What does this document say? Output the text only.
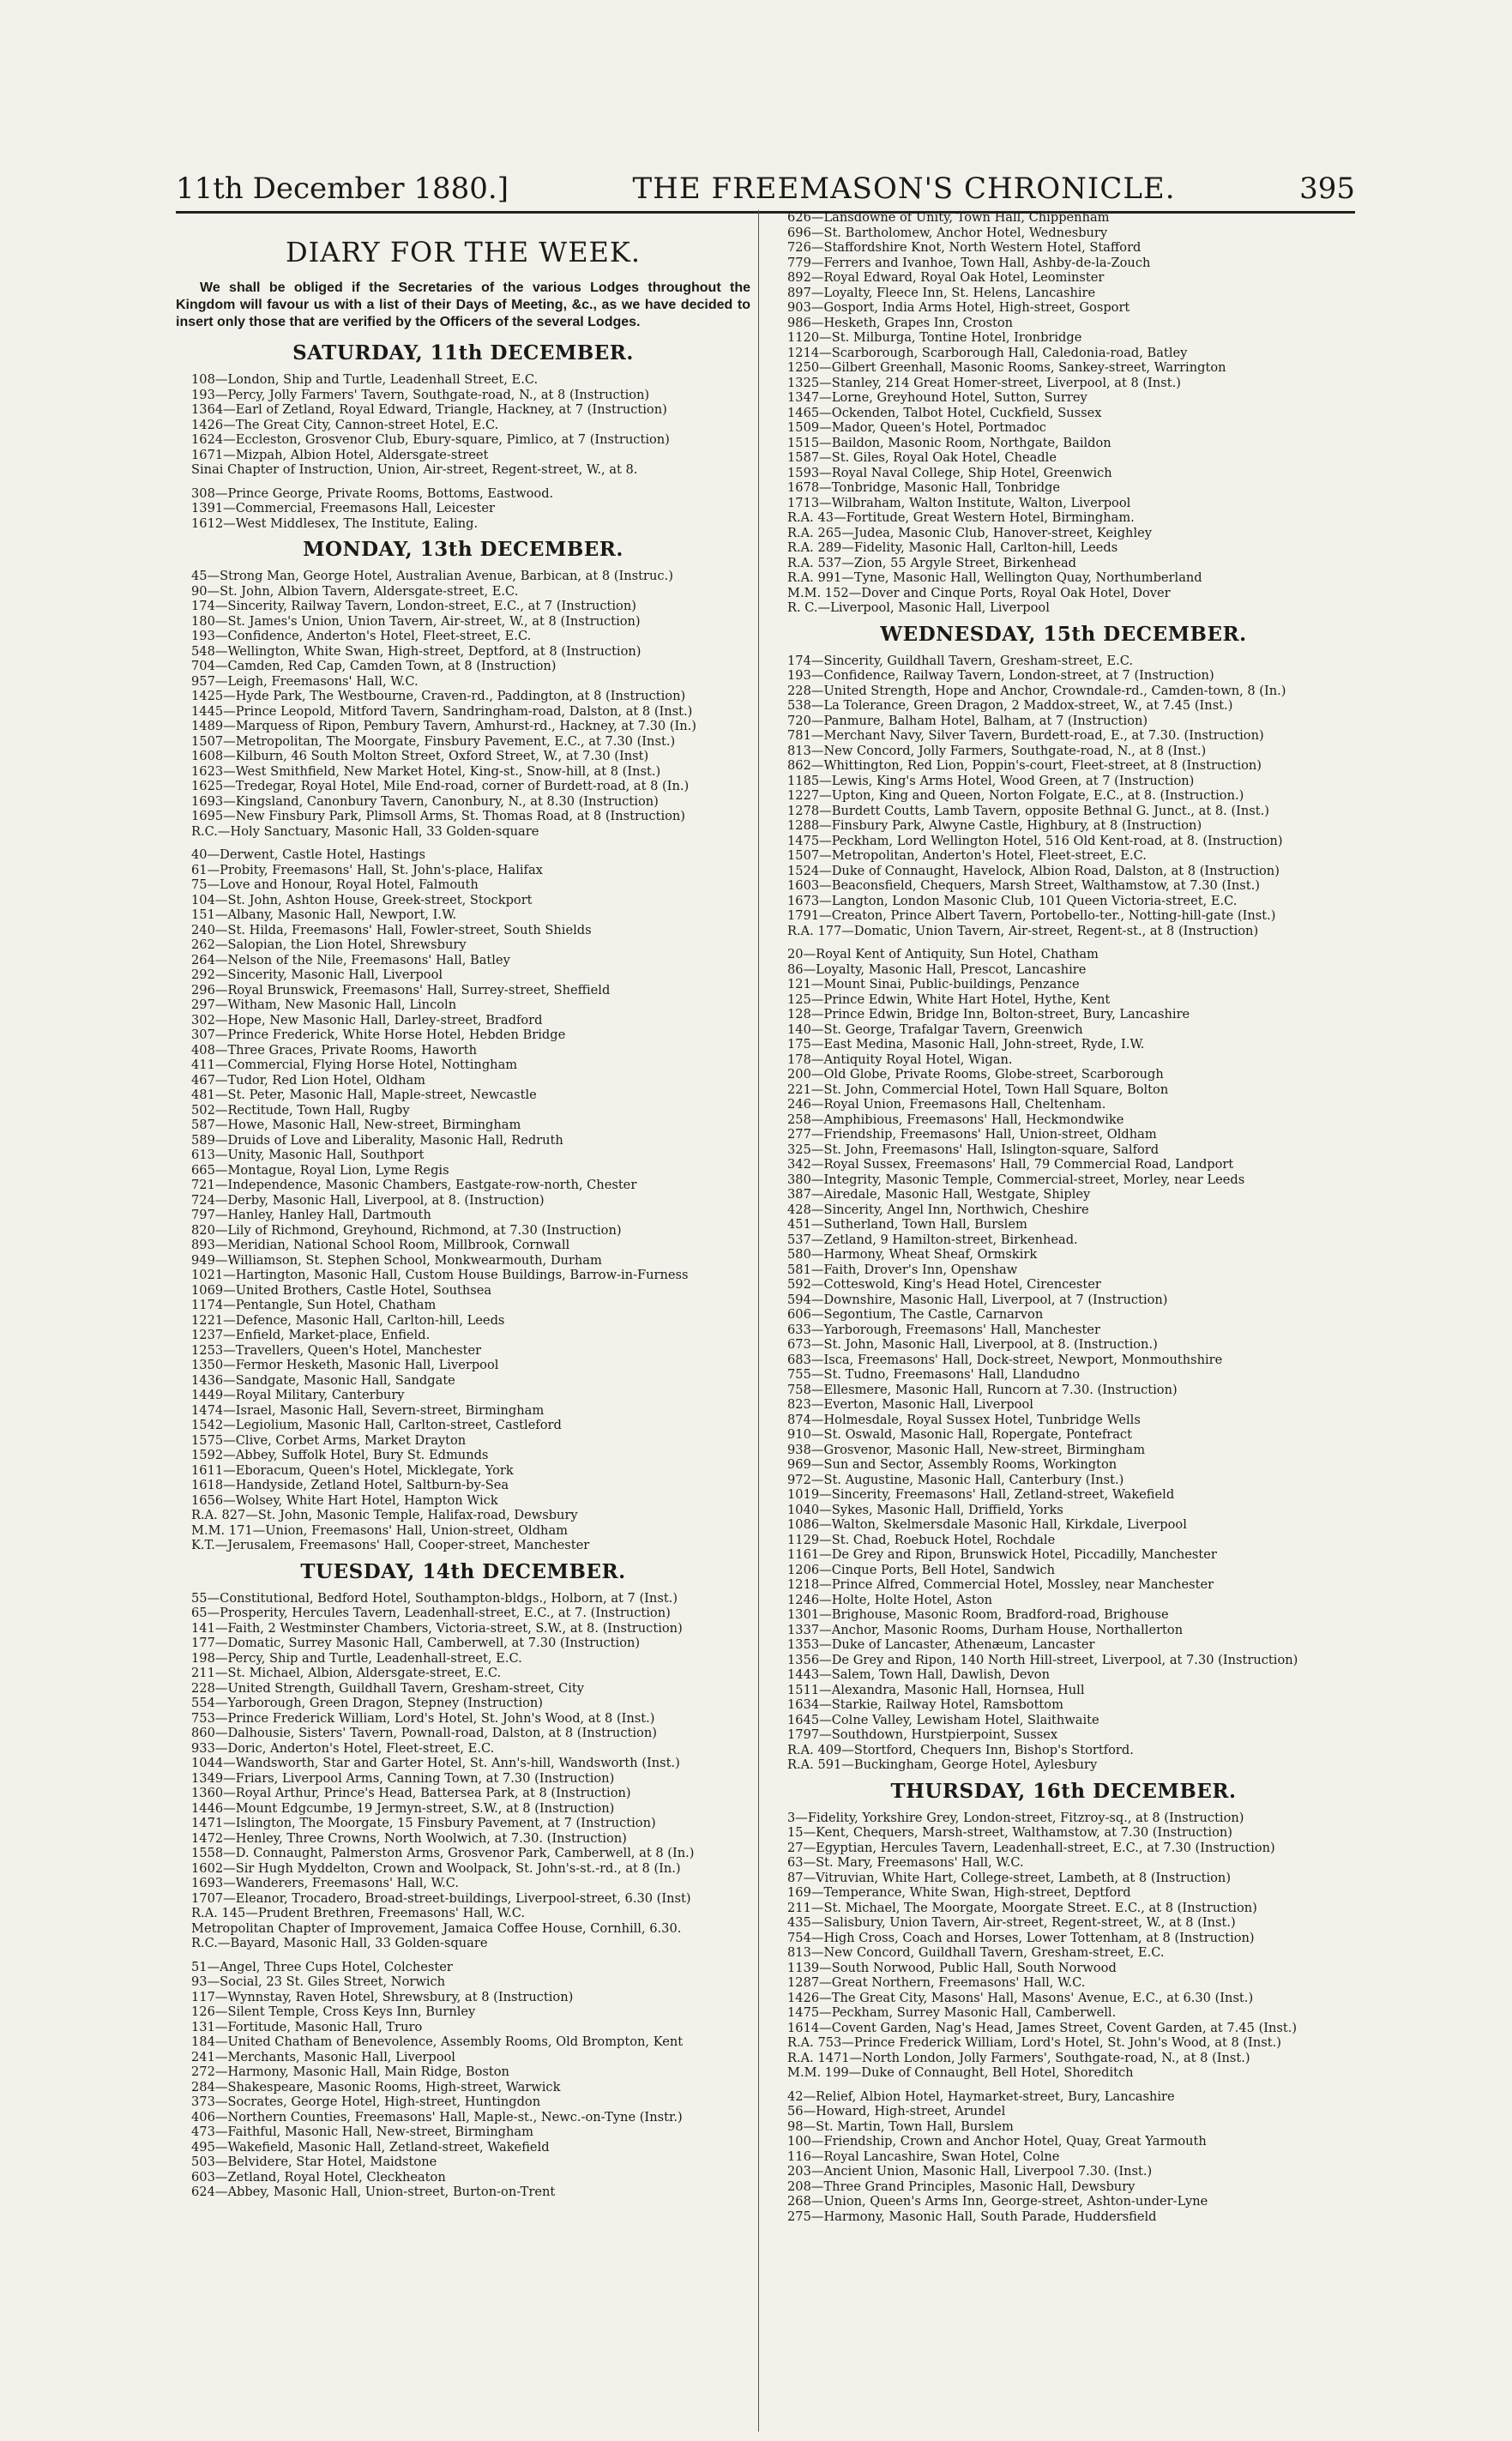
11th December 1880.]	THE FREEMASON'S CHRONICLE.	395
DIARY FOR THE WEEK.

We shall be obliged if the Secretaries of the various Lodges throughout the Kingdom will favour us with a list of their Days of Meeting, &c., as we have decided to insert only those that are verified by the Officers of the several Lodges.

SATURDAY, 11th DECEMBER.
108—London, Ship and Turtle, Leadenhall Street, E.C.
193—Percy, Jolly Farmers' Tavern, Southgate-road, N., at 8 (Instruction)
1364—Earl of Zetland, Royal Edward, Triangle, Hackney, at 7 (Instruction)
1426—The Great City, Cannon-street Hotel, E.C.
1624—Eccleston, Grosvenor Club, Ebury-square, Pimlico, at 7 (Instruction)
1671—Mizpah, Albion Hotel, Aldersgate-street
Sinai Chapter of Instruction, Union, Air-street, Regent-street, W., at 8.
308—Prince George, Private Rooms, Bottoms, Eastwood.
1391—Commercial, Freemasons Hall, Leicester
1612—West Middlesex, The Institute, Ealing.
MONDAY, 13th DECEMBER.
45—Strong Man, George Hotel, Australian Avenue, Barbican, at 8 (Instruc.)
90—St. John, Albion Tavern, Aldersgate-street, E.C.
174—Sincerity, Railway Tavern, London-street, E.C., at 7 (Instruction)
180—St. James's Union, Union Tavern, Air-street, W., at 8 (Instruction)
193—Confidence, Anderton's Hotel, Fleet-street, E.C.
548—Wellington, White Swan, High-street, Deptford, at 8 (Instruction)
704—Camden, Red Cap, Camden Town, at 8 (Instruction)
957—Leigh, Freemasons' Hall, W.C.
1425—Hyde Park, The Westbourne, Craven-rd., Paddington, at 8 (Instruction)
1445—Prince Leopold, Mitford Tavern, Sandringham-road, Dalston, at 8 (Inst.)
1489—Marquess of Ripon, Pembury Tavern, Amhurst-rd., Hackney, at 7.30 (In.)
1507—Metropolitan, The Moorgate, Finsbury Pavement, E.C., at 7.30 (Inst.)
1608—Kilburn, 46 South Molton Street, Oxford Street, W., at 7.30 (Inst)
1623—West Smithfield, New Market Hotel, King-st., Snow-hill, at 8 (Inst.)
1625—Tredegar, Royal Hotel, Mile End-road, corner of Burdett-road, at 8 (In.)
1693—Kingsland, Canonbury Tavern, Canonbury, N., at 8.30 (Instruction)
1695—New Finsbury Park, Plimsoll Arms, St. Thomas Road, at 8 (Instruction)
R.C.—Holy Sanctuary, Masonic Hall, 33 Golden-square
40—Derwent, Castle Hotel, Hastings
61—Probity, Freemasons' Hall, St. John's-place, Halifax
75—Love and Honour, Royal Hotel, Falmouth
104—St. John, Ashton House, Greek-street, Stockport
151—Albany, Masonic Hall, Newport, I.W.
240—St. Hilda, Freemasons' Hall, Fowler-street, South Shields
262—Salopian, the Lion Hotel, Shrewsbury
264—Nelson of the Nile, Freemasons' Hall, Batley
292—Sincerity, Masonic Hall, Liverpool
296—Royal Brunswick, Freemasons' Hall, Surrey-street, Sheffield
297—Witham, New Masonic Hall, Lincoln
302—Hope, New Masonic Hall, Darley-street, Bradford
307—Prince Frederick, White Horse Hotel, Hebden Bridge
408—Three Graces, Private Rooms, Haworth
411—Commercial, Flying Horse Hotel, Nottingham
467—Tudor, Red Lion Hotel, Oldham
481—St. Peter, Masonic Hall, Maple-street, Newcastle
502—Rectitude, Town Hall, Rugby
587—Howe, Masonic Hall, New-street, Birmingham
589—Druids of Love and Liberality, Masonic Hall, Redruth
613—Unity, Masonic Hall, Southport
665—Montague, Royal Lion, Lyme Regis
721—Independence, Masonic Chambers, Eastgate-row-north, Chester
724—Derby, Masonic Hall, Liverpool, at 8. (Instruction)
797—Hanley, Hanley Hall, Dartmouth
820—Lily of Richmond, Greyhound, Richmond, at 7.30 (Instruction)
893—Meridian, National School Room, Millbrook, Cornwall
949—Williamson, St. Stephen School, Monkwearmouth, Durham
1021—Hartington, Masonic Hall, Custom House Buildings, Barrow-in-Furness
1069—United Brothers, Castle Hotel, Southsea
1174—Pentangle, Sun Hotel, Chatham
1221—Defence, Masonic Hall, Carlton-hill, Leeds
1237—Enfield, Market-place, Enfield.
1253—Travellers, Queen's Hotel, Manchester
1350—Fermor Hesketh, Masonic Hall, Liverpool
1436—Sandgate, Masonic Hall, Sandgate
1449—Royal Military, Canterbury
1474—Israel, Masonic Hall, Severn-street, Birmingham
1542—Legiolium, Masonic Hall, Carlton-street, Castleford
1575—Clive, Corbet Arms, Market Drayton
1592—Abbey, Suffolk Hotel, Bury St. Edmunds
1611—Eboracum, Queen's Hotel, Micklegate, York
1618—Handyside, Zetland Hotel, Saltburn-by-Sea
1656—Wolsey, White Hart Hotel, Hampton Wick
R.A. 827—St. John, Masonic Temple, Halifax-road, Dewsbury
M.M. 171—Union, Freemasons' Hall, Union-street, Oldham
K.T.—Jerusalem, Freemasons' Hall, Cooper-street, Manchester
TUESDAY, 14th DECEMBER.
55—Constitutional, Bedford Hotel, Southampton-bldgs., Holborn, at 7 (Inst.)
65—Prosperity, Hercules Tavern, Leadenhall-street, E.C., at 7. (Instruction)
141—Faith, 2 Westminster Chambers, Victoria-street, S.W., at 8. (Instruction)
177—Domatic, Surrey Masonic Hall, Camberwell, at 7.30 (Instruction)
198—Percy, Ship and Turtle, Leadenhall-street, E.C.
211—St. Michael, Albion, Aldersgate-street, E.C.
228—United Strength, Guildhall Tavern, Gresham-street, City
554—Yarborough, Green Dragon, Stepney (Instruction)
753—Prince Frederick William, Lord's Hotel, St. John's Wood, at 8 (Inst.)
860—Dalhousie, Sisters' Tavern, Pownall-road, Dalston, at 8 (Instruction)
933—Doric, Anderton's Hotel, Fleet-street, E.C.
1044—Wandsworth, Star and Garter Hotel, St. Ann's-hill, Wandsworth (Inst.)
1349—Friars, Liverpool Arms, Canning Town, at 7.30 (Instruction)
1360—Royal Arthur, Prince's Head, Battersea Park, at 8 (Instruction)
1446—Mount Edgcumbe, 19 Jermyn-street, S.W., at 8 (Instruction)
1471—Islington, The Moorgate, 15 Finsbury Pavement, at 7 (Instruction)
1472—Henley, Three Crowns, North Woolwich, at 7.30. (Instruction)
1558—D. Connaught, Palmerston Arms, Grosvenor Park, Camberwell, at 8 (In.)
1602—Sir Hugh Myddelton, Crown and Woolpack, St. John's-st.-rd., at 8 (In.)
1693—Wanderers, Freemasons' Hall, W.C.
1707—Eleanor, Trocadero, Broad-street-buildings, Liverpool-street, 6.30 (Inst)
R.A. 145—Prudent Brethren, Freemasons' Hall, W.C.
Metropolitan Chapter of Improvement, Jamaica Coffee House, Cornhill, 6.30.
R.C.—Bayard, Masonic Hall, 33 Golden-square
51—Angel, Three Cups Hotel, Colchester
93—Social, 23 St. Giles Street, Norwich
117—Wynnstay, Raven Hotel, Shrewsbury, at 8 (Instruction)
126—Silent Temple, Cross Keys Inn, Burnley
131—Fortitude, Masonic Hall, Truro
184—United Chatham of Benevolence, Assembly Rooms, Old Brompton, Kent
241—Merchants, Masonic Hall, Liverpool
272—Harmony, Masonic Hall, Main Ridge, Boston
284—Shakespeare, Masonic Rooms, High-street, Warwick
373—Socrates, George Hotel, High-street, Huntingdon
406—Northern Counties, Freemasons' Hall, Maple-st., Newc.-on-Tyne (Instr.)
473—Faithful, Masonic Hall, New-street, Birmingham
495—Wakefield, Masonic Hall, Zetland-street, Wakefield
503—Belvidere, Star Hotel, Maidstone
603—Zetland, Royal Hotel, Cleckheaton
624—Abbey, Masonic Hall, Union-street, Burton-on-Trent
626—Lansdowne of Unity, Town Hall, Chippenham
696—St. Bartholomew, Anchor Hotel, Wednesbury
726—Staffordshire Knot, North Western Hotel, Stafford
779—Ferrers and Ivanhoe, Town Hall, Ashby-de-la-Zouch
892—Royal Edward, Royal Oak Hotel, Leominster
897—Loyalty, Fleece Inn, St. Helens, Lancashire
903—Gosport, India Arms Hotel, High-street, Gosport
986—Hesketh, Grapes Inn, Croston
1120—St. Milburga, Tontine Hotel, Ironbridge
1214—Scarborough, Scarborough Hall, Caledonia-road, Batley
1250—Gilbert Greenhall, Masonic Rooms, Sankey-street, Warrington
1325—Stanley, 214 Great Homer-street, Liverpool, at 8 (Inst.)
1347—Lorne, Greyhound Hotel, Sutton, Surrey
1465—Ockenden, Talbot Hotel, Cuckfield, Sussex
1509—Mador, Queen's Hotel, Portmadoc
1515—Baildon, Masonic Room, Northgate, Baildon
1587—St. Giles, Royal Oak Hotel, Cheadle
1593—Royal Naval College, Ship Hotel, Greenwich
1678—Tonbridge, Masonic Hall, Tonbridge
1713—Wilbraham, Walton Institute, Walton, Liverpool
R.A. 43—Fortitude, Great Western Hotel, Birmingham.
R.A. 265—Judea, Masonic Club, Hanover-street, Keighley
R.A. 289—Fidelity, Masonic Hall, Carlton-hill, Leeds
R.A. 537—Zion, 55 Argyle Street, Birkenhead
R.A. 991—Tyne, Masonic Hall, Wellington Quay, Northumberland
M.M. 152—Dover and Cinque Ports, Royal Oak Hotel, Dover
R. C.—Liverpool, Masonic Hall, Liverpool
WEDNESDAY, 15th DECEMBER.
174—Sincerity, Guildhall Tavern, Gresham-street, E.C.
193—Confidence, Railway Tavern, London-street, at 7 (Instruction)
228—United Strength, Hope and Anchor, Crowndale-rd., Camden-town, 8 (In.)
538—La Tolerance, Green Dragon, 2 Maddox-street, W., at 7.45 (Inst.)
720—Panmure, Balham Hotel, Balham, at 7 (Instruction)
781—Merchant Navy, Silver Tavern, Burdett-road, E., at 7.30. (Instruction)
813—New Concord, Jolly Farmers, Southgate-road, N., at 8 (Inst.)
862—Whittington, Red Lion, Poppin's-court, Fleet-street, at 8 (Instruction)
1185—Lewis, King's Arms Hotel, Wood Green, at 7 (Instruction)
1227—Upton, King and Queen, Norton Folgate, E.C., at 8. (Instruction.)
1278—Burdett Coutts, Lamb Tavern, opposite Bethnal G. Junct., at 8. (Inst.)
1288—Finsbury Park, Alwyne Castle, Highbury, at 8 (Instruction)
1475—Peckham, Lord Wellington Hotel, 516 Old Kent-road, at 8. (Instruction)
1507—Metropolitan, Anderton's Hotel, Fleet-street, E.C.
1524—Duke of Connaught, Havelock, Albion Road, Dalston, at 8 (Instruction)
1603—Beaconsfield, Chequers, Marsh Street, Walthamstow, at 7.30 (Inst.)
1673—Langton, London Masonic Club, 101 Queen Victoria-street, E.C.
1791—Creaton, Prince Albert Tavern, Portobello-ter., Notting-hill-gate (Inst.)
R.A. 177—Domatic, Union Tavern, Air-street, Regent-st., at 8 (Instruction)
20—Royal Kent of Antiquity, Sun Hotel, Chatham
86—Loyalty, Masonic Hall, Prescot, Lancashire
121—Mount Sinai, Public-buildings, Penzance
125—Prince Edwin, White Hart Hotel, Hythe, Kent
128—Prince Edwin, Bridge Inn, Bolton-street, Bury, Lancashire
140—St. George, Trafalgar Tavern, Greenwich
175—East Medina, Masonic Hall, John-street, Ryde, I.W.
178—Antiquity Royal Hotel, Wigan.
200—Old Globe, Private Rooms, Globe-street, Scarborough
221—St. John, Commercial Hotel, Town Hall Square, Bolton
246—Royal Union, Freemasons Hall, Cheltenham.
258—Amphibious, Freemasons' Hall, Heckmondwike
277—Friendship, Freemasons' Hall, Union-street, Oldham
325—St. John, Freemasons' Hall, Islington-square, Salford
342—Royal Sussex, Freemasons' Hall, 79 Commercial Road, Landport
380—Integrity, Masonic Temple, Commercial-street, Morley, near Leeds
387—Airedale, Masonic Hall, Westgate, Shipley
428—Sincerity, Angel Inn, Northwich, Cheshire
451—Sutherland, Town Hall, Burslem
537—Zetland, 9 Hamilton-street, Birkenhead.
580—Harmony, Wheat Sheaf, Ormskirk
581—Faith, Drover's Inn, Openshaw
592—Cotteswold, King's Head Hotel, Cirencester
594—Downshire, Masonic Hall, Liverpool, at 7 (Instruction)
606—Segontium, The Castle, Carnarvon
633—Yarborough, Freemasons' Hall, Manchester
673—St. John, Masonic Hall, Liverpool, at 8. (Instruction.)
683—Isca, Freemasons' Hall, Dock-street, Newport, Monmouthshire
755—St. Tudno, Freemasons' Hall, Llandudno
758—Ellesmere, Masonic Hall, Runcorn at 7.30. (Instruction)
823—Everton, Masonic Hall, Liverpool
874—Holmesdale, Royal Sussex Hotel, Tunbridge Wells
910—St. Oswald, Masonic Hall, Ropergate, Pontefract
938—Grosvenor, Masonic Hall, New-street, Birmingham
969—Sun and Sector, Assembly Rooms, Workington
972—St. Augustine, Masonic Hall, Canterbury (Inst.)
1019—Sincerity, Freemasons' Hall, Zetland-street, Wakefield
1040—Sykes, Masonic Hall, Driffield, Yorks
1086—Walton, Skelmersdale Masonic Hall, Kirkdale, Liverpool
1129—St. Chad, Roebuck Hotel, Rochdale
1161—De Grey and Ripon, Brunswick Hotel, Piccadilly, Manchester
1206—Cinque Ports, Bell Hotel, Sandwich
1218—Prince Alfred, Commercial Hotel, Mossley, near Manchester
1246—Holte, Holte Hotel, Aston
1301—Brighouse, Masonic Room, Bradford-road, Brighouse
1337—Anchor, Masonic Rooms, Durham House, Northallerton
1353—Duke of Lancaster, Athenæum, Lancaster
1356—De Grey and Ripon, 140 North Hill-street, Liverpool, at 7.30 (Instruction)
1443—Salem, Town Hall, Dawlish, Devon
1511—Alexandra, Masonic Hall, Hornsea, Hull
1634—Starkie, Railway Hotel, Ramsbottom
1645—Colne Valley, Lewisham Hotel, Slaithwaite
1797—Southdown, Hurstpierpoint, Sussex
R.A. 409—Stortford, Chequers Inn, Bishop's Stortford.
R.A. 591—Buckingham, George Hotel, Aylesbury
THURSDAY, 16th DECEMBER.
3—Fidelity, Yorkshire Grey, London-street, Fitzroy-sq., at 8 (Instruction)
15—Kent, Chequers, Marsh-street, Walthamstow, at 7.30 (Instruction)
27—Egyptian, Hercules Tavern, Leadenhall-street, E.C., at 7.30 (Instruction)
63—St. Mary, Freemasons' Hall, W.C.
87—Vitruvian, White Hart, College-street, Lambeth, at 8 (Instruction)
169—Temperance, White Swan, High-street, Deptford
211—St. Michael, The Moorgate, Moorgate Street. E.C., at 8 (Instruction)
435—Salisbury, Union Tavern, Air-street, Regent-street, W., at 8 (Inst.)
754—High Cross, Coach and Horses, Lower Tottenham, at 8 (Instruction)
813—New Concord, Guildhall Tavern, Gresham-street, E.C.
1139—South Norwood, Public Hall, South Norwood
1287—Great Northern, Freemasons' Hall, W.C.
1426—The Great City, Masons' Hall, Masons' Avenue, E.C., at 6.30 (Inst.)
1475—Peckham, Surrey Masonic Hall, Camberwell.
1614—Covent Garden, Nag's Head, James Street, Covent Garden, at 7.45 (Inst.)
R.A. 753—Prince Frederick William, Lord's Hotel, St. John's Wood, at 8 (Inst.)
R.A. 1471—North London, Jolly Farmers', Southgate-road, N., at 8 (Inst.)
M.M. 199—Duke of Connaught, Bell Hotel, Shoreditch
42—Relief, Albion Hotel, Haymarket-street, Bury, Lancashire
56—Howard, High-street, Arundel
98—St. Martin, Town Hall, Burslem
100—Friendship, Crown and Anchor Hotel, Quay, Great Yarmouth
116—Royal Lancashire, Swan Hotel, Colne
203—Ancient Union, Masonic Hall, Liverpool 7.30. (Inst.)
208—Three Grand Principles, Masonic Hall, Dewsbury
268—Union, Queen's Arms Inn, George-street, Ashton-under-Lyne
275—Harmony, Masonic Hall, South Parade, Huddersfield
